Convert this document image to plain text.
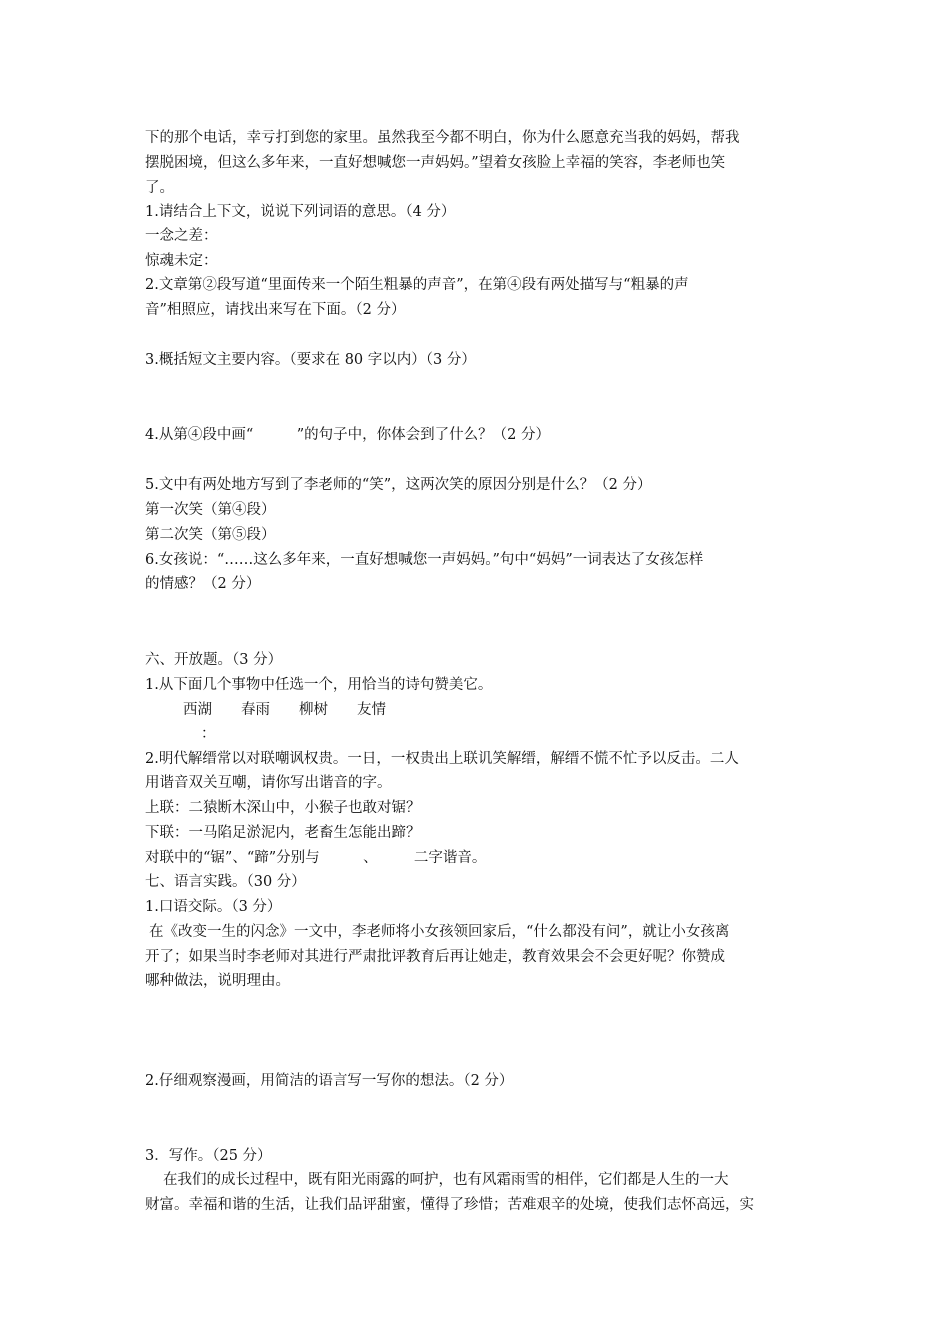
下的那个电话，幸亏打到您的家里。虽然我至今都不明白，你为什么愿意充当我的妈妈，帮我
摆脱困境，但这么多年来，一直好想喊您一声妈妈。”望着女孩脸上幸福的笑容，李老师也笑
了。
1.请结合上下文，说说下列词语的意思。（4 分）
一念之差：
惊魂未定：
2.文章第②段写道“里面传来一个陌生粗暴的声音”，在第④段有两处描写与“粗暴的声
音”相照应，请找出来写在下面。（2 分）
3.概括短文主要内容。（要求在 80 字以内）（3 分）
4.从第④段中画“　　　”的句子中，你体会到了什么？（2 分）
5.文中有两处地方写到了李老师的“笑”，这两次笑的原因分别是什么？（2 分）
第一次笑（第④段）
第二次笑（第⑤段）
6.女孩说：“……这么多年来，一直好想喊您一声妈妈。”句中“妈妈”一词表达了女孩怎样
的情感？（2 分）
六、开放题。（3 分）
1.从下面几个事物中任选一个，用恰当的诗句赞美它。
西湖　　春雨　　柳树　　友情
：
2.明代解缙常以对联嘲讽权贵。一日，一权贵出上联讥笑解缙，解缙不慌不忙予以反击。二人
用谐音双关互嘲，请你写出谐音的字。
上联：二猿断木深山中，小猴子也敢对锯？
下联：一马陷足淤泥内，老畜生怎能出蹄？
对联中的“锯”、“蹄”分别与　　　、　　　二字谐音。
七、语言实践。（30 分）
1.口语交际。（3 分）
在《改变一生的闪念》一文中，李老师将小女孩领回家后，“什么都没有问”，就让小女孩离
开了；如果当时李老师对其进行严肃批评教育后再让她走，教育效果会不会更好呢？你赞成
哪种做法，说明理由。
2.仔细观察漫画，用简洁的语言写一写你的想法。（2 分）
3．写作。（25 分）
在我们的成长过程中，既有阳光雨露的呵护，也有风霜雨雪的相伴，它们都是人生的一大
财富。幸福和谐的生活，让我们品评甜蜜，懂得了珍惜；苦难艰辛的处境，使我们志怀高远，实
